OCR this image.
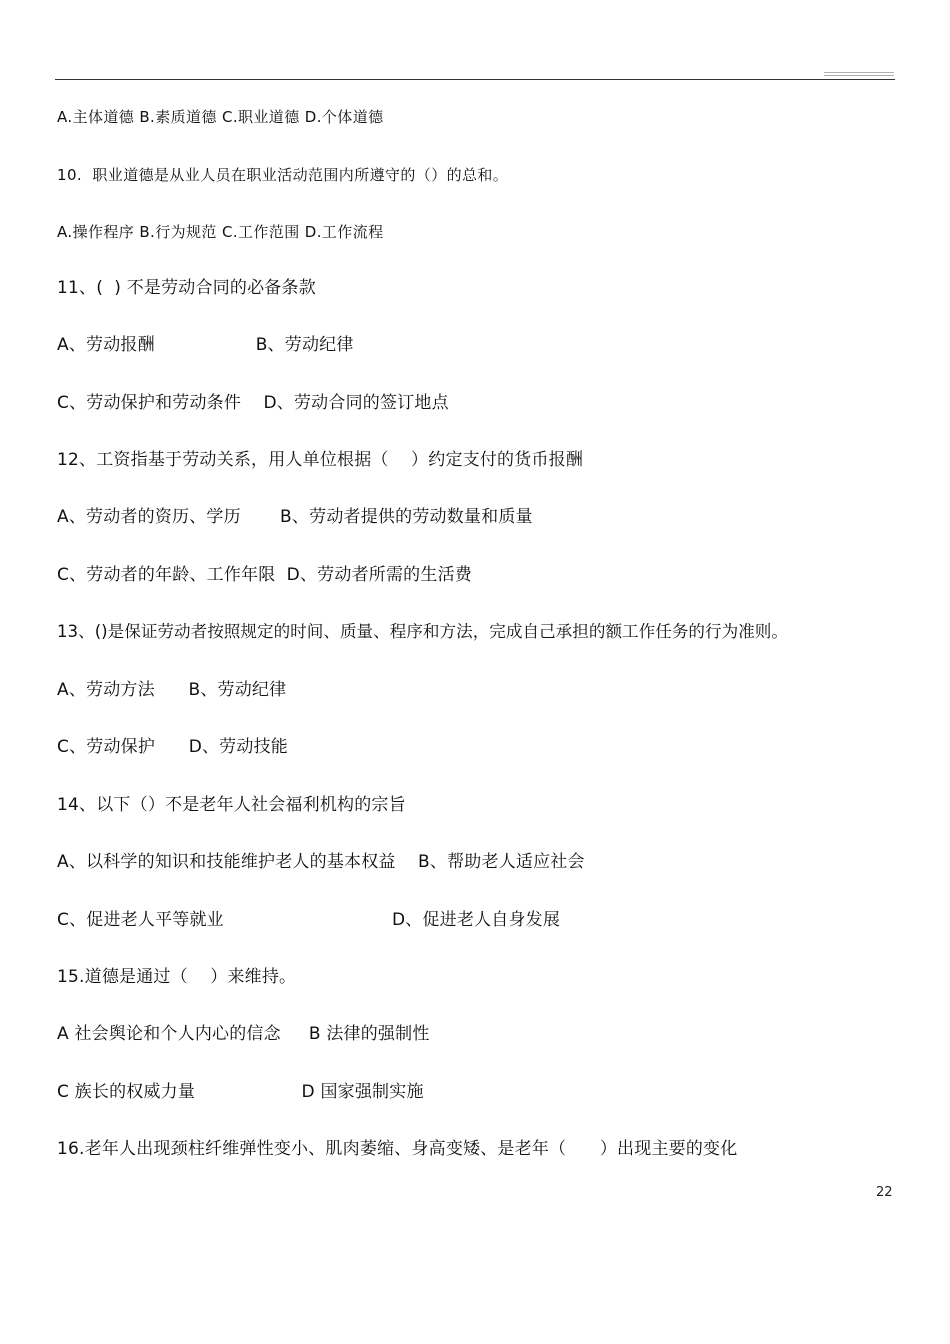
A.主体道德 B.素质道德 C.职业道德 D.个体道德
10.  职业道德是从业人员在职业活动范围内所遵守的（）的总和。
A.操作程序 B.行为规范 C.工作范围 D.工作流程
11、(  ) 不是劳动合同的必备条款
A、劳动报酬                  B、劳动纪律
C、劳动保护和劳动条件    D、劳动合同的签订地点
12、工资指基于劳动关系，用人单位根据（    ）约定支付的货币报酬
A、劳动者的资历、学历       B、劳动者提供的劳动数量和质量
C、劳动者的年龄、工作年限  D、劳动者所需的生活费
13、()是保证劳动者按照规定的时间、质量、程序和方法，完成自己承担的额工作任务的行为准则。
A、劳动方法      B、劳动纪律
C、劳动保护      D、劳动技能
14、以下（）不是老年人社会福利机构的宗旨
A、以科学的知识和技能维护老人的基本权益    B、帮助老人适应社会
C、促进老人平等就业                              D、促进老人自身发展
15.道德是通过（    ）来维持。
A 社会舆论和个人内心的信念     B 法律的强制性
C 族长的权威力量                   D 国家强制实施
16.老年人出现颈柱纤维弹性变小、肌肉萎缩、身高变矮、是老年（      ）出现主要的变化
22
